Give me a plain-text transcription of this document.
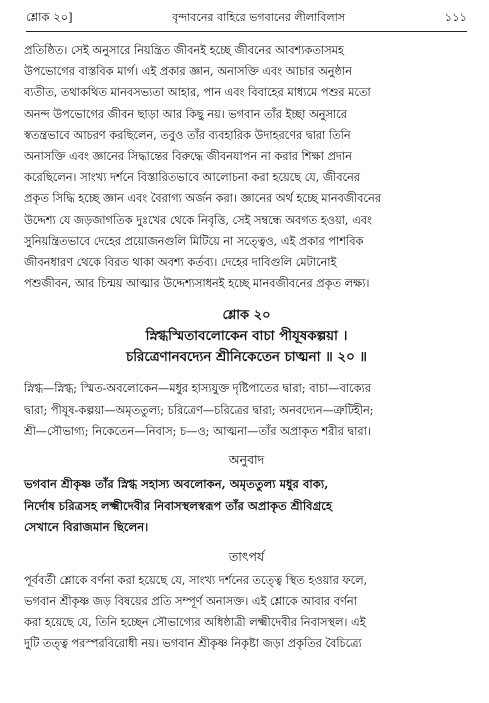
শ্লোক ২০]	বৃন্দাবনের বাহিরে ভগবানের লীলাবিলাস	১১১

প্রতিষ্ঠিত। সেই অনুসারে নিয়ন্ত্রিত জীবনই হচ্ছে জীবনের আবশ্যকতাসমহ
উপভোগের বাস্তবিক মার্গ। এই প্রকার জ্ঞান, অনাসক্তি এবং আচার অনুষ্ঠান
ব্যতীত, তথাকথিত মানবসভ্যতা আহার, পান এবং বিবাহের মাধ্যমে পশুর মতো
অনন্দ উপভোগের জীবন ছাড়া আর কিছু নয়। ভগবান তাঁর ইচ্ছা অনুসারে
স্বতন্ত্রভাবে আচরণ করছিলেন, তবুও তাঁর ব্যবহারিক উদাহরণের দ্বারা তিনি
অনাসক্তি এবং জ্ঞানের সিদ্ধান্তের বিরুদ্ধে জীবনযাপন না করার শিক্ষা প্রদান
করেছিলেন। সাংখ্য দর্শনে বিস্তারিতভাবে আলোচনা করা হয়েছে যে, জীবনের
প্রকৃত সিদ্ধি হচ্ছে জ্ঞান এবং বৈরাগ্য অর্জন করা। জ্ঞানের অর্থ হচ্ছে মানবজীবনের
উদ্দেশ্য যে জড়জাগতিক দুঃখের থেকে নিবৃত্তি, সেই সম্বন্ধে অবগত হওয়া, এবং
সুনিয়ন্ত্রিতভাবে দেহের প্রয়োজনগুলি মিটিয়ে না সত্ত্বেও, এই প্রকার পাশবিক
জীবনধারণ থেকে বিরত থাকা অবশ্য কর্তব্য। দেহের দাবিগুলি মেটানোই
পশুজীবন, আর চিন্ময় আত্মার উদ্দেশ্যসাধনই হচ্ছে মানবজীবনের প্রকৃত লক্ষ্য।

শ্লোক ২০
স্নিগ্ধস্মিতাবলোকেন বাচা পীযূষকল্পয়া ।
চরিত্রেণানবদ্যেন শ্রীনিকেতেন চাত্মনা ॥ ২০ ॥

স্নিগ্ধ—স্নিগ্ধ; স্মিত-অবলোকেন—মধুর হাস্যযুক্ত দৃষ্টিপাতের দ্বারা; বাচা—বাক্যের
দ্বারা; পীযূষ-কল্পয়া—অমৃততুল্য; চরিত্রেণ—চরিত্রের দ্বারা; অনবদ্যেন—ত্রুটিহীন;
শ্রী—সৌভাগ্য; নিকেতেন—নিবাস; চ—ও; আত্মনা—তাঁর অপ্রাকৃত শরীর দ্বারা।

অনুবাদ

ভগবান শ্রীকৃষ্ণ তাঁর স্নিগ্ধ সহাস্য অবলোকন, অমৃততুল্য মধুর বাক্য,
নির্দোষ চরিত্রসহ লক্ষ্মীদেবীর নিবাসস্থলস্বরূপ তাঁর অপ্রাকৃত শ্রীবিগ্রহে
সেখানে বিরাজমান ছিলেন।

তাৎপর্য

পূর্ববর্তী শ্লোকে বর্ণনা করা হয়েছে যে, সাংখ্য দর্শনের তত্ত্বে স্থিত হওয়ার ফলে,
ভগবান শ্রীকৃষ্ণ জড় বিষয়ের প্রতি সম্পূর্ণ অনাসক্ত। এই শ্লোকে আবার বর্ণনা
করা হয়েছে যে, তিনি হচ্ছেন সৌভাগ্যের অধিষ্ঠাত্রী লক্ষ্মীদেবীর নিবাসস্থল। এই
দুটি তত্ত্ব পরস্পরবিরোধী নয়। ভগবান শ্রীকৃষ্ণ নিকৃষ্টা জড়া প্রকৃতির বৈচিত্র্যে
